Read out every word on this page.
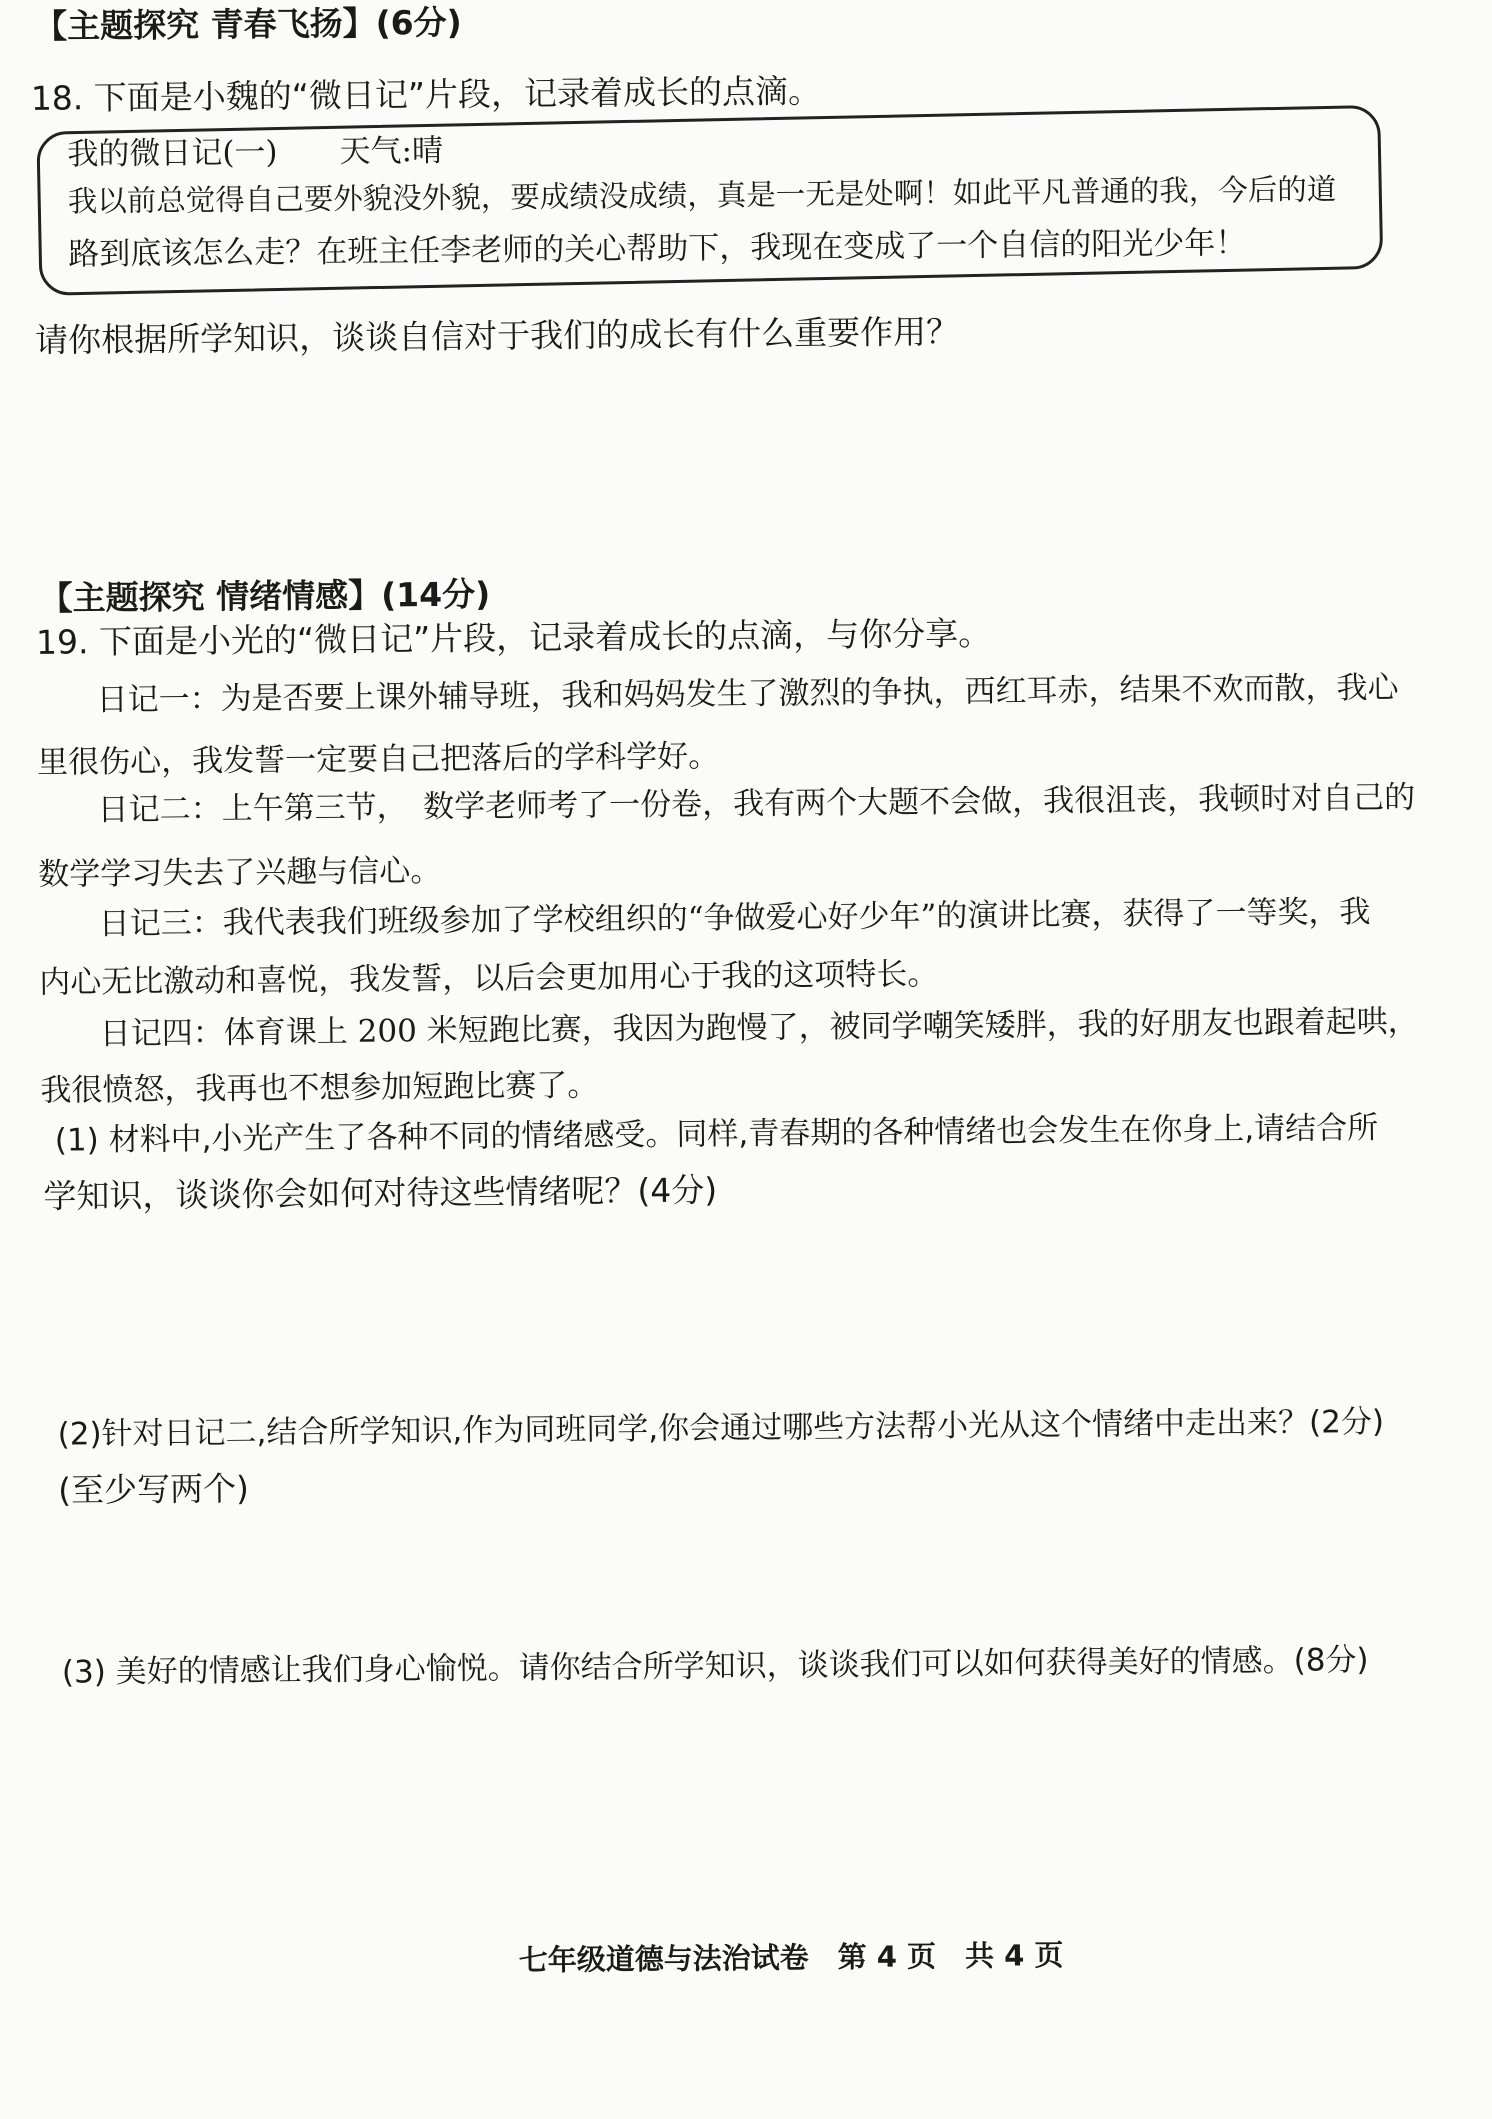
【主题探究 青春飞扬】(6分)
18. 下面是小魏的“微日记”片段，记录着成长的点滴。
我的微日记(一)　　天气:晴
我以前总觉得自己要外貌没外貌，要成绩没成绩，真是一无是处啊！如此平凡普通的我，今后的道
路到底该怎么走？在班主任李老师的关心帮助下，我现在变成了一个自信的阳光少年！
请你根据所学知识，谈谈自信对于我们的成长有什么重要作用？
【主题探究 情绪情感】(14分)
19. 下面是小光的“微日记”片段，记录着成长的点滴，与你分享。
日记一：为是否要上课外辅导班，我和妈妈发生了激烈的争执，西红耳赤，结果不欢而散，我心
里很伤心，我发誓一定要自己把落后的学科学好。
日记二：上午第三节，　数学老师考了一份卷，我有两个大题不会做，我很沮丧，我顿时对自己的
数学学习失去了兴趣与信心。
日记三：我代表我们班级参加了学校组织的“争做爱心好少年”的演讲比赛，获得了一等奖，我
内心无比激动和喜悦，我发誓，以后会更加用心于我的这项特长。
日记四：体育课上 200 米短跑比赛，我因为跑慢了，被同学嘲笑矮胖，我的好朋友也跟着起哄，
我很愤怒，我再也不想参加短跑比赛了。
(1) 材料中,小光产生了各种不同的情绪感受。同样,青春期的各种情绪也会发生在你身上,请结合所
学知识，谈谈你会如何对待这些情绪呢？(4分)
(2)针对日记二,结合所学知识,作为同班同学,你会通过哪些方法帮小光从这个情绪中走出来？(2分)
(至少写两个)
(3) 美好的情感让我们身心愉悦。请你结合所学知识，谈谈我们可以如何获得美好的情感。(8分)
七年级道德与法治试卷　第 4 页　共 4 页
